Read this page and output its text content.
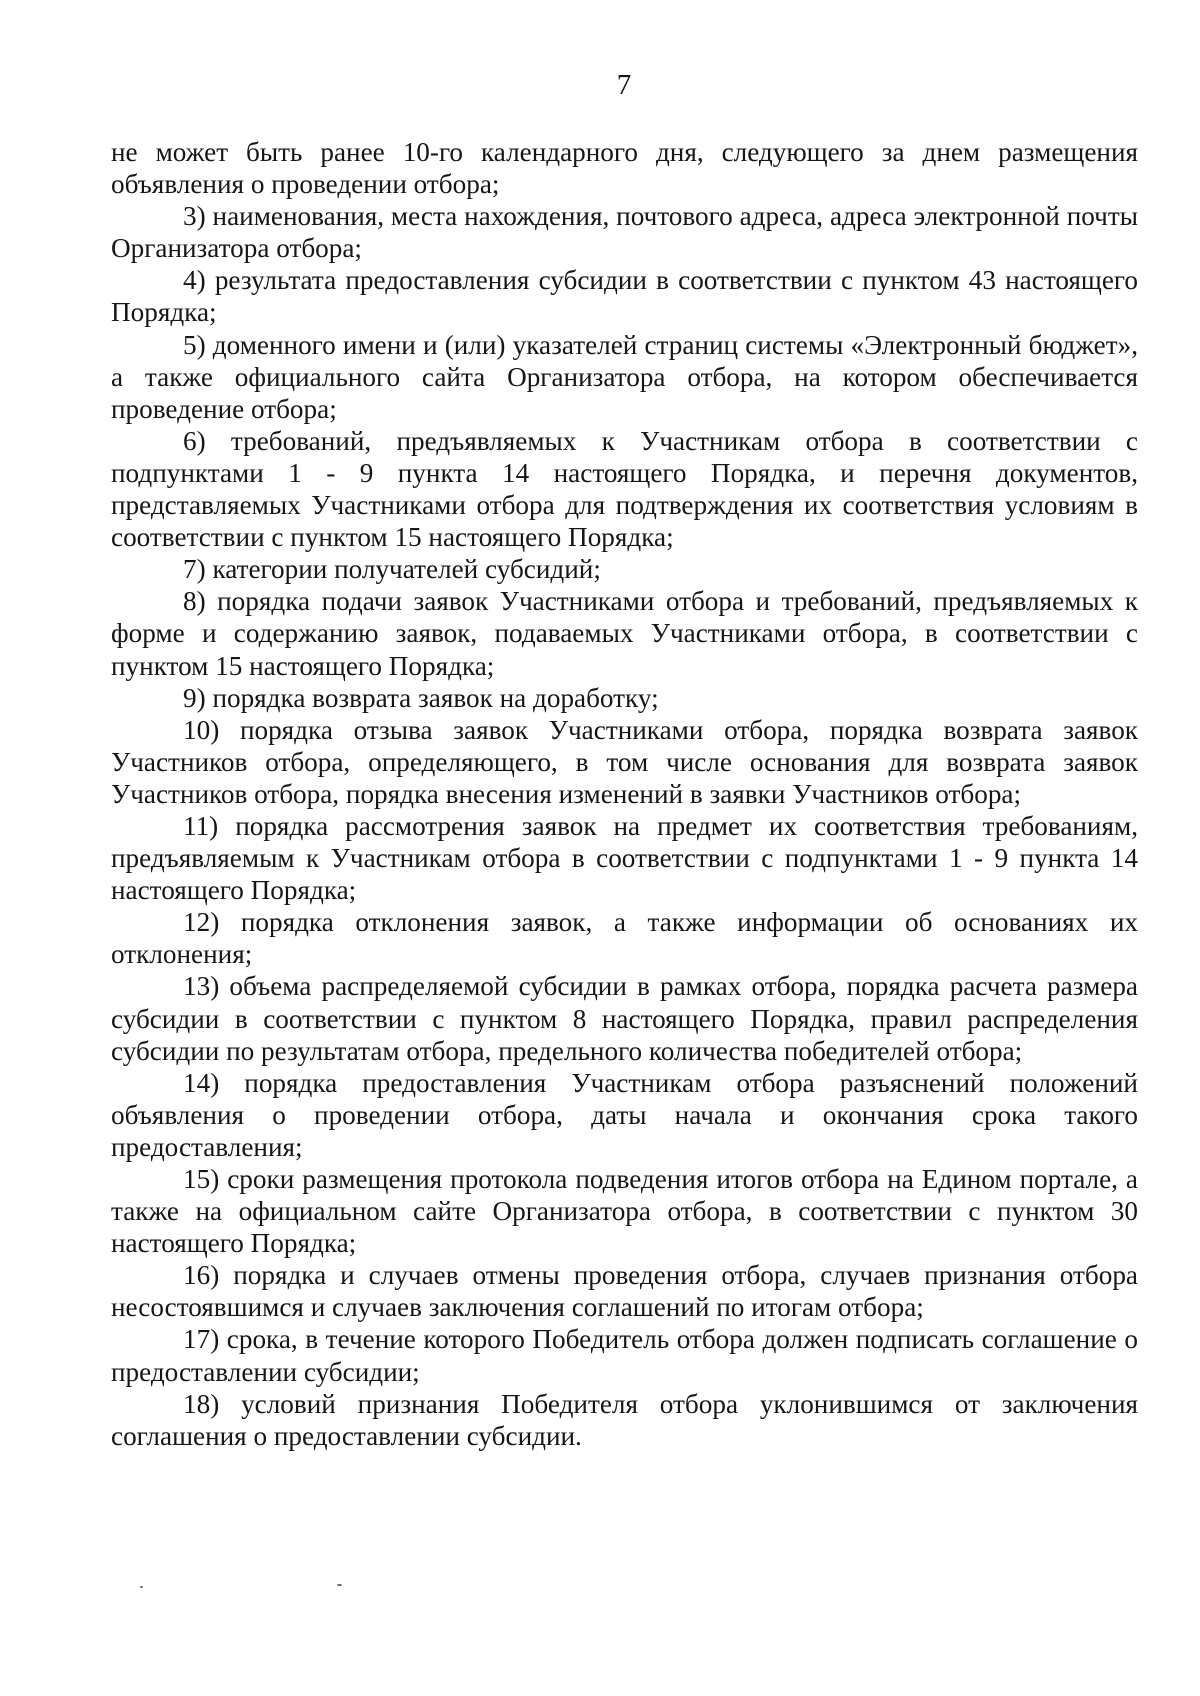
7

не может быть ранее 10-го календарного дня, следующего за днем размещения объявления о проведении отбора;

3) наименования, места нахождения, почтового адреса, адреса электронной почты Организатора отбора;

4) результата предоставления субсидии в соответствии с пунктом 43 настоящего Порядка;

5) доменного имени и (или) указателей страниц системы «Электронный бюджет», а также официального сайта Организатора отбора, на котором обеспечивается проведение отбора;

6) требований, предъявляемых к Участникам отбора в соответствии с подпунктами 1 - 9 пункта 14 настоящего Порядка, и перечня документов, представляемых Участниками отбора для подтверждения их соответствия условиям в соответствии с пунктом 15 настоящего Порядка;

7) категории получателей субсидий;

8) порядка подачи заявок Участниками отбора и требований, предъявляемых к форме и содержанию заявок, подаваемых Участниками отбора, в соответствии с пунктом 15 настоящего Порядка;

9) порядка возврата заявок на доработку;

10) порядка отзыва заявок Участниками отбора, порядка возврата заявок Участников отбора, определяющего, в том числе основания для возврата заявок Участников отбора, порядка внесения изменений в заявки Участников отбора;

11) порядка рассмотрения заявок на предмет их соответствия требованиям, предъявляемым к Участникам отбора в соответствии с подпунктами 1 - 9 пункта 14 настоящего Порядка;

12) порядка отклонения заявок, а также информации об основаниях их отклонения;

13) объема распределяемой субсидии в рамках отбора, порядка расчета размера субсидии в соответствии с пунктом 8 настоящего Порядка, правил распределения субсидии по результатам отбора, предельного количества победителей отбора;

14) порядка предоставления Участникам отбора разъяснений положений объявления о проведении отбора, даты начала и окончания срока такого предоставления;

15) сроки размещения протокола подведения итогов отбора на Едином портале, а также на официальном сайте Организатора отбора, в соответствии с пунктом 30 настоящего Порядка;

16) порядка и случаев отмены проведения отбора, случаев признания отбора несостоявшимся и случаев заключения соглашений по итогам отбора;

17) срока, в течение которого Победитель отбора должен подписать соглашение о предоставлении субсидии;

18) условий признания Победителя отбора уклонившимся от заключения соглашения о предоставлении субсидии.
